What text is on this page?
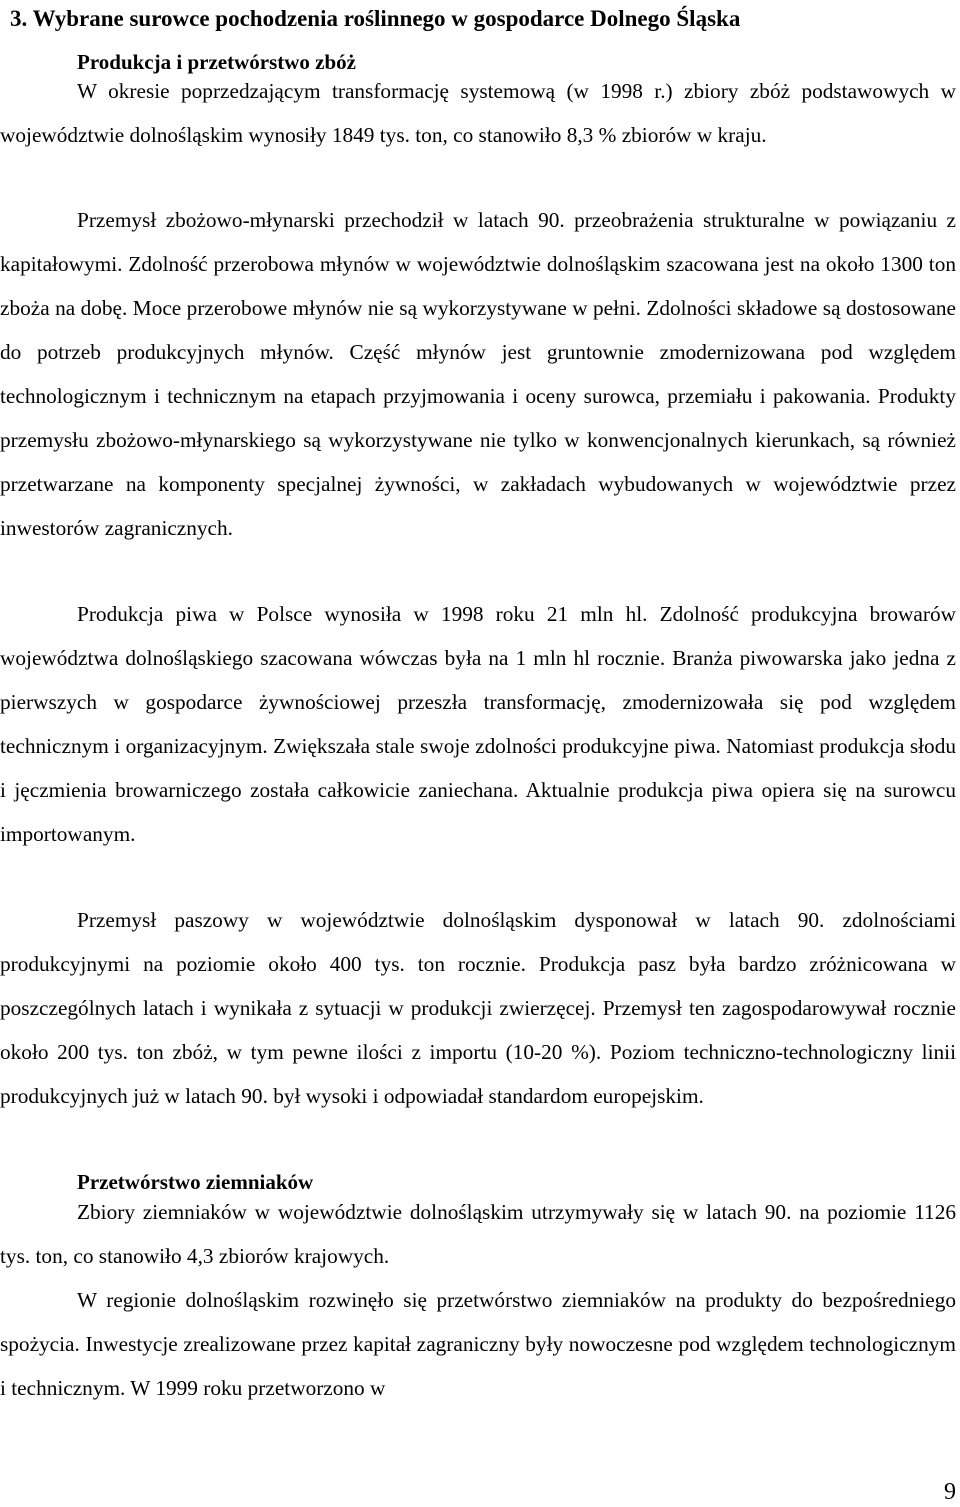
3. Wybrane surowce pochodzenia roślinnego w gospodarce Dolnego Śląska
Produkcja i przetwórstwo zbóż

W okresie poprzedzającym transformację systemową (w 1998 r.) zbiory zbóż podstawowych w województwie dolnośląskim wynosiły 1849 tys. ton, co stanowiło 8,3 % zbiorów w kraju.

Przemysł zbożowo-młynarski przechodził w latach 90. przeobrażenia strukturalne w powiązaniu z kapitałowymi. Zdolność przerobowa młynów w województwie dolnośląskim szacowana jest na około 1300 ton zboża na dobę. Moce przerobowe młynów nie są wykorzystywane w pełni. Zdolności składowe są dostosowane do potrzeb produkcyjnych młynów. Część młynów jest gruntownie zmodernizowana pod względem technologicznym i technicznym na etapach przyjmowania i oceny surowca, przemiału i pakowania. Produkty przemysłu zbożowo-młynarskiego są wykorzystywane nie tylko w konwencjonalnych kierunkach, są również przetwarzane na komponenty specjalnej żywności, w zakładach wybudowanych w województwie przez inwestorów zagranicznych.

Produkcja piwa w Polsce wynosiła w 1998 roku 21 mln hl. Zdolność produkcyjna browarów województwa dolnośląskiego szacowana wówczas była na 1 mln hl rocznie. Branża piwowarska jako jedna z pierwszych w gospodarce żywnościowej przeszła transformację, zmodernizowała się pod względem technicznym i organizacyjnym. Zwiększała stale swoje zdolności produkcyjne piwa. Natomiast produkcja słodu i jęczmienia browarniczego została całkowicie zaniechana. Aktualnie produkcja piwa opiera się na surowcu importowanym.

Przemysł paszowy w województwie dolnośląskim dysponował w latach 90. zdolnościami produkcyjnymi na poziomie około 400 tys. ton rocznie. Produkcja pasz była bardzo zróżnicowana w poszczególnych latach i wynikała z sytuacji w produkcji zwierzęcej. Przemysł ten zagospodarowywał rocznie około 200 tys. ton zbóż, w tym pewne ilości z importu (10-20 %). Poziom techniczno-technologiczny linii produkcyjnych już w latach 90. był wysoki i odpowiadał standardom europejskim.

Przetwórstwo ziemniaków

Zbiory ziemniaków w województwie dolnośląskim utrzymywały się w latach 90. na poziomie 1126 tys. ton, co stanowiło 4,3 zbiorów krajowych.

W regionie dolnośląskim rozwinęło się przetwórstwo ziemniaków na produkty do bezpośredniego spożycia. Inwestycje zrealizowane przez kapitał zagraniczny były nowoczesne pod względem technologicznym i technicznym. W 1999 roku przetworzono w

9
